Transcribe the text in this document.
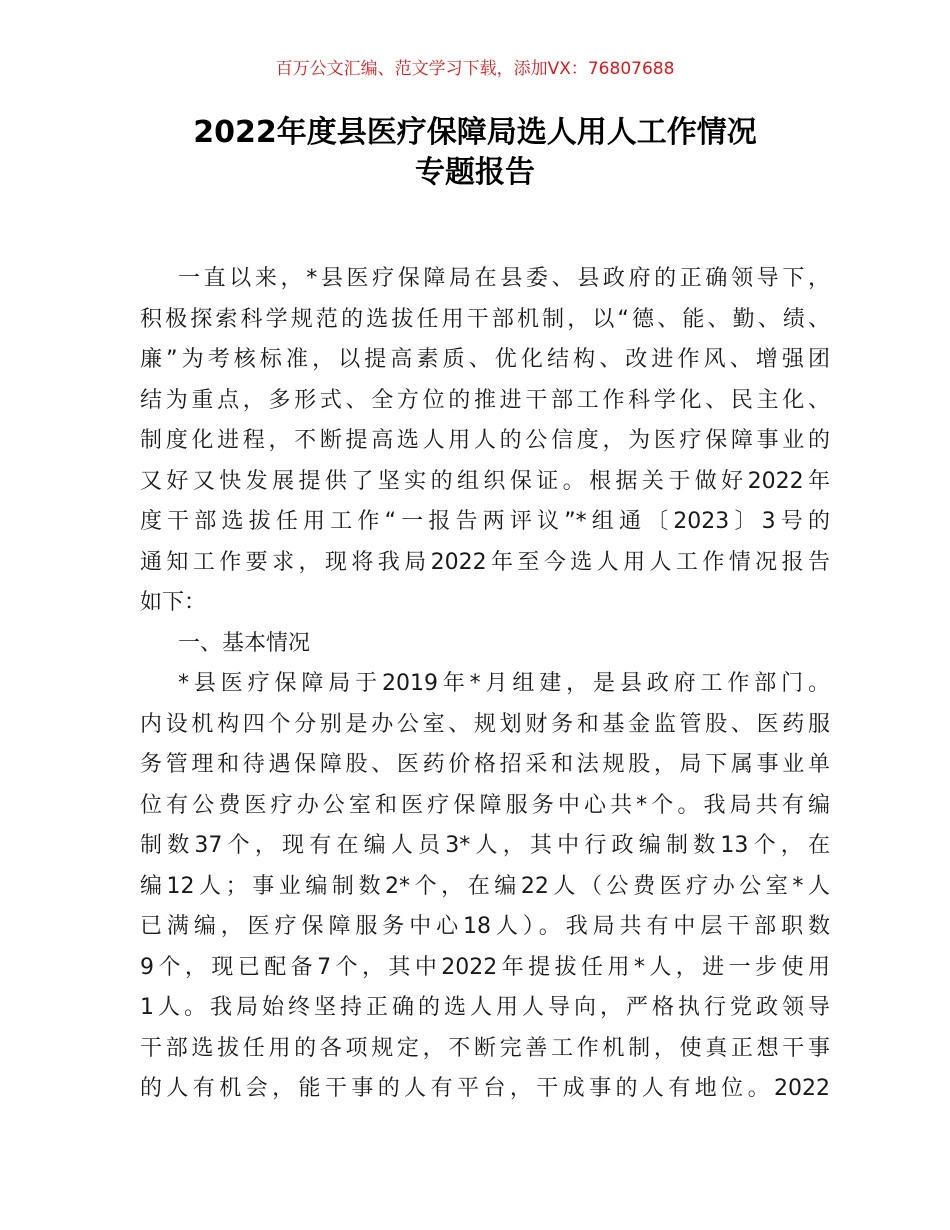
百万公文汇编、范文学习下载，添加VX：76807688
2022年度县医疗保障局选人用人工作情况
专题报告
一直以来，*县医疗保障局在县委、县政府的正确领导下，
积极探索科学规范的选拔任用干部机制，以“德、能、勤、绩、
廉”为考核标准，以提高素质、优化结构、改进作风、增强团
结为重点，多形式、全方位的推进干部工作科学化、民主化、
制度化进程，不断提高选人用人的公信度，为医疗保障事业的
又好又快发展提供了坚实的组织保证。根据关于做好2022年
度干部选拔任用工作“一报告两评议”*组通〔2023〕3号的
通知工作要求，现将我局2022年至今选人用人工作情况报告
如下：
一、基本情况
*县医疗保障局于2019年*月组建，是县政府工作部门。
内设机构四个分别是办公室、规划财务和基金监管股、医药服
务管理和待遇保障股、医药价格招采和法规股，局下属事业单
位有公费医疗办公室和医疗保障服务中心共*个。我局共有编
制数37个，现有在编人员3*人，其中行政编制数13个，在
编12人；事业编制数2*个，在编22人（公费医疗办公室*人
已满编，医疗保障服务中心18人）。我局共有中层干部职数
9个，现已配备7个，其中2022年提拔任用*人，进一步使用
1人。我局始终坚持正确的选人用人导向，严格执行党政领导
干部选拔任用的各项规定，不断完善工作机制，使真正想干事
的人有机会，能干事的人有平台，干成事的人有地位。2022
